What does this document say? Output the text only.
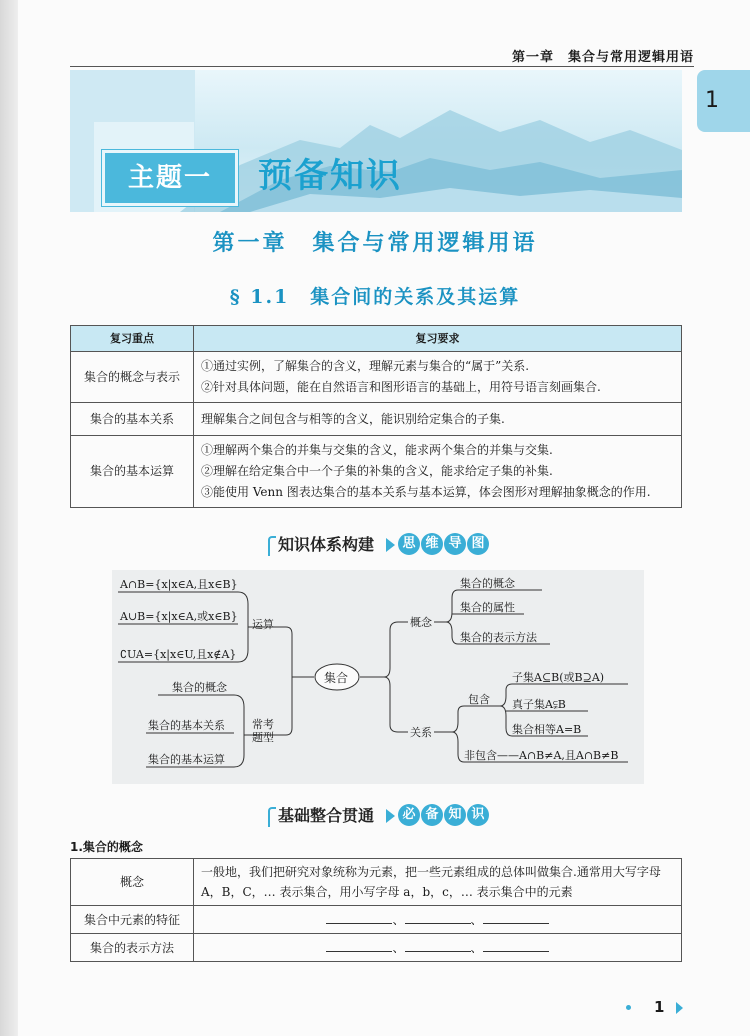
第一章　集合与常用逻辑用语
1
主题一	预备知识
第一章　集合与常用逻辑用语
§ 1.1　集合间的关系及其运算
复习重点	复习要求
集合的概念与表示	①通过实例，了解集合的含义，理解元素与集合的“属于”关系.
②针对具体问题，能在自然语言和图形语言的基础上，用符号语言刻画集合.

集合的基本关系	理解集合之间包含与相等的含义，能识别给定集合的子集.

集合的基本运算	①理解两个集合的并集与交集的含义，能求两个集合的并集与交集.
②理解在给定集合中一个子集的补集的含义，能求给定子集的补集.
③能使用 Venn 图表达集合的基本关系与基本运算，体会图形对理解抽象概念的作用.
知识体系构建	思 维 导 图
A∩B={x|x∈A,且x∈B}
A∪B={x|x∈A,或x∈B}
∁UA={x|x∈U,且x∉A}
运算
集合的概念
集合的基本关系
集合的基本运算
常考题型
集合
概念
集合的概念
集合的属性
集合的表示方法
关系
包含
子集A⊆B(或B⊇A)
真子集A⫋B
集合相等A=B
非包含——A∩B≠A,且A∩B≠B
基础整合贯通	必 备 知 识
1.集合的概念
概念	一般地，我们把研究对象统称为元素，把一些元素组成的总体叫做集合.通常用大写字母 A，B，C，… 表示集合，用小写字母 a，b，c，… 表示集合中的元素
集合中元素的特征	、 、
集合的表示方法	、 、
1
